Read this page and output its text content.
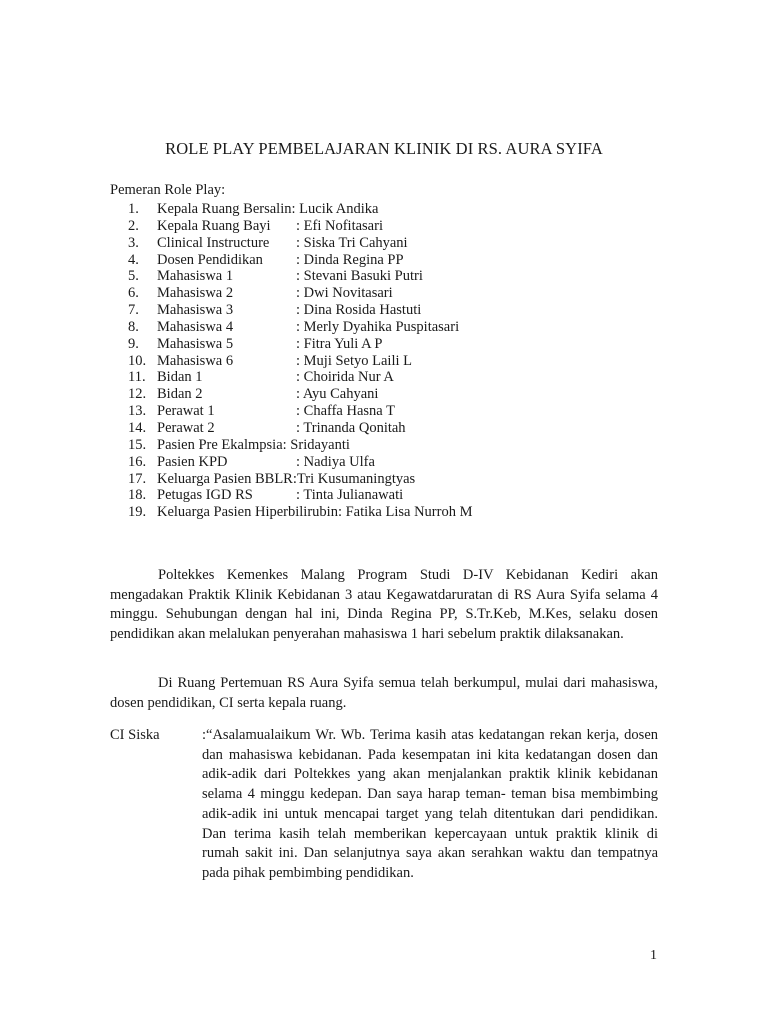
ROLE PLAY PEMBELAJARAN KLINIK DI RS. AURA SYIFA
Pemeran Role Play:
1. Kepala Ruang Bersalin: Lucik Andika
2. Kepala Ruang Bayi : Efi Nofitasari
3. Clinical Instructure : Siska Tri Cahyani
4. Dosen Pendidikan : Dinda Regina PP
5. Mahasiswa 1	: Stevani Basuki Putri
6. Mahasiswa 2	: Dwi Novitasari
7. Mahasiswa 3	: Dina Rosida Hastuti
8. Mahasiswa 4	: Merly Dyahika Puspitasari
9. Mahasiswa 5	: Fitra Yuli A P
10. Mahasiswa 6	: Muji Setyo Laili L
11. Bidan 1	: Choirida Nur A
12. Bidan 2	: Ayu Cahyani
13. Perawat 1	: Chaffa Hasna T
14. Perawat 2	: Trinanda Qonitah
15. Pasien Pre Ekalmpsia: Sridayanti
16. Pasien KPD	: Nadiya Ulfa
17. Keluarga Pasien BBLR:Tri Kusumaningtyas
18. Petugas IGD RS	: Tinta Julianawati
19. Keluarga Pasien Hiperbilirubin: Fatika Lisa Nurroh M

Poltekkes Kemenkes Malang Program Studi D-IV Kebidanan Kediri akan mengadakan Praktik Klinik Kebidanan 3 atau Kegawatdaruratan di RS Aura Syifa selama 4 minggu. Sehubungan dengan hal ini, Dinda Regina PP, S.Tr.Keb, M.Kes, selaku dosen pendidikan akan melalukan penyerahan mahasiswa 1 hari sebelum praktik dilaksanakan.

Di Ruang Pertemuan RS Aura Syifa semua telah berkumpul, mulai dari mahasiswa, dosen pendidikan, CI serta kepala ruang.

CI Siska	:“Asalamualaikum Wr. Wb. Terima kasih atas kedatangan rekan kerja, dosen dan mahasiswa kebidanan. Pada kesempatan ini kita kedatangan dosen dan adik-adik dari Poltekkes yang akan menjalankan praktik klinik kebidanan selama 4 minggu kedepan. Dan saya harap teman- teman bisa membimbing adik-adik ini untuk mencapai target yang telah ditentukan dari pendidikan. Dan terima kasih telah memberikan kepercayaan untuk praktik klinik di rumah sakit ini. Dan selanjutnya saya akan serahkan waktu dan tempatnya pada pihak pembimbing pendidikan.

1
